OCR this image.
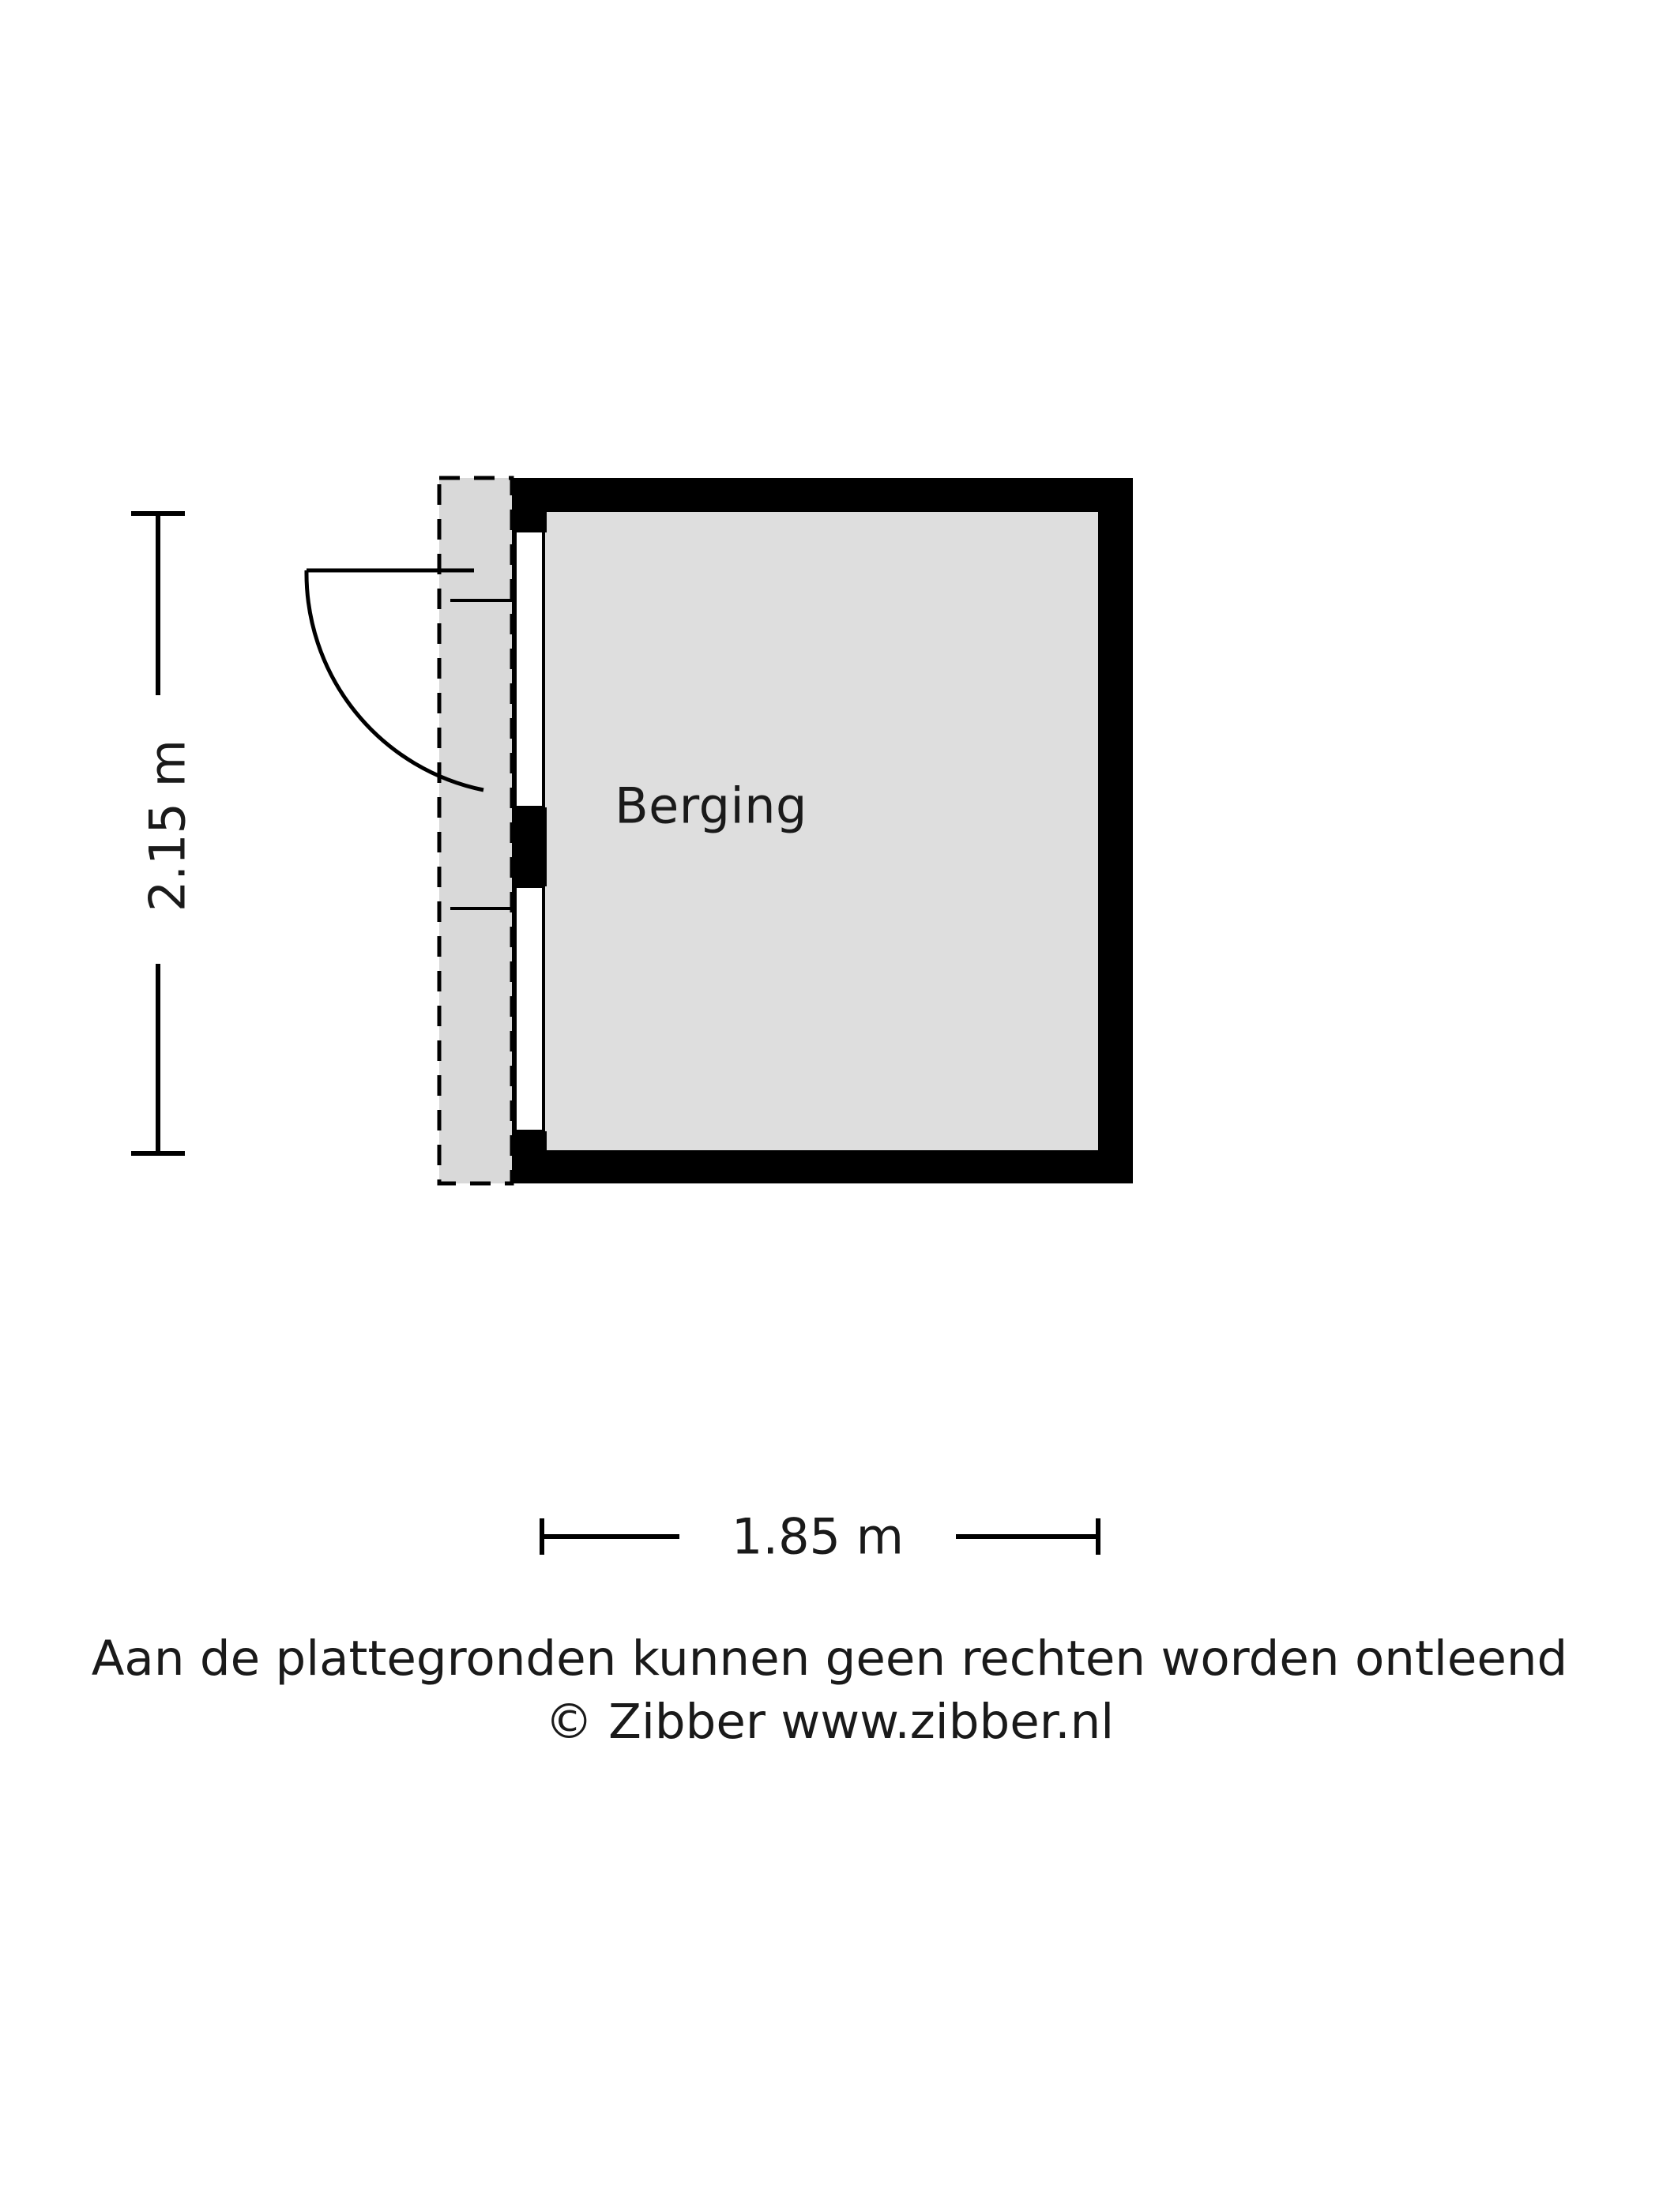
Berging
2.15 m
1.85 m
Aan de plattegronden kunnen geen rechten worden ontleend
© Zibber www.zibber.nl
